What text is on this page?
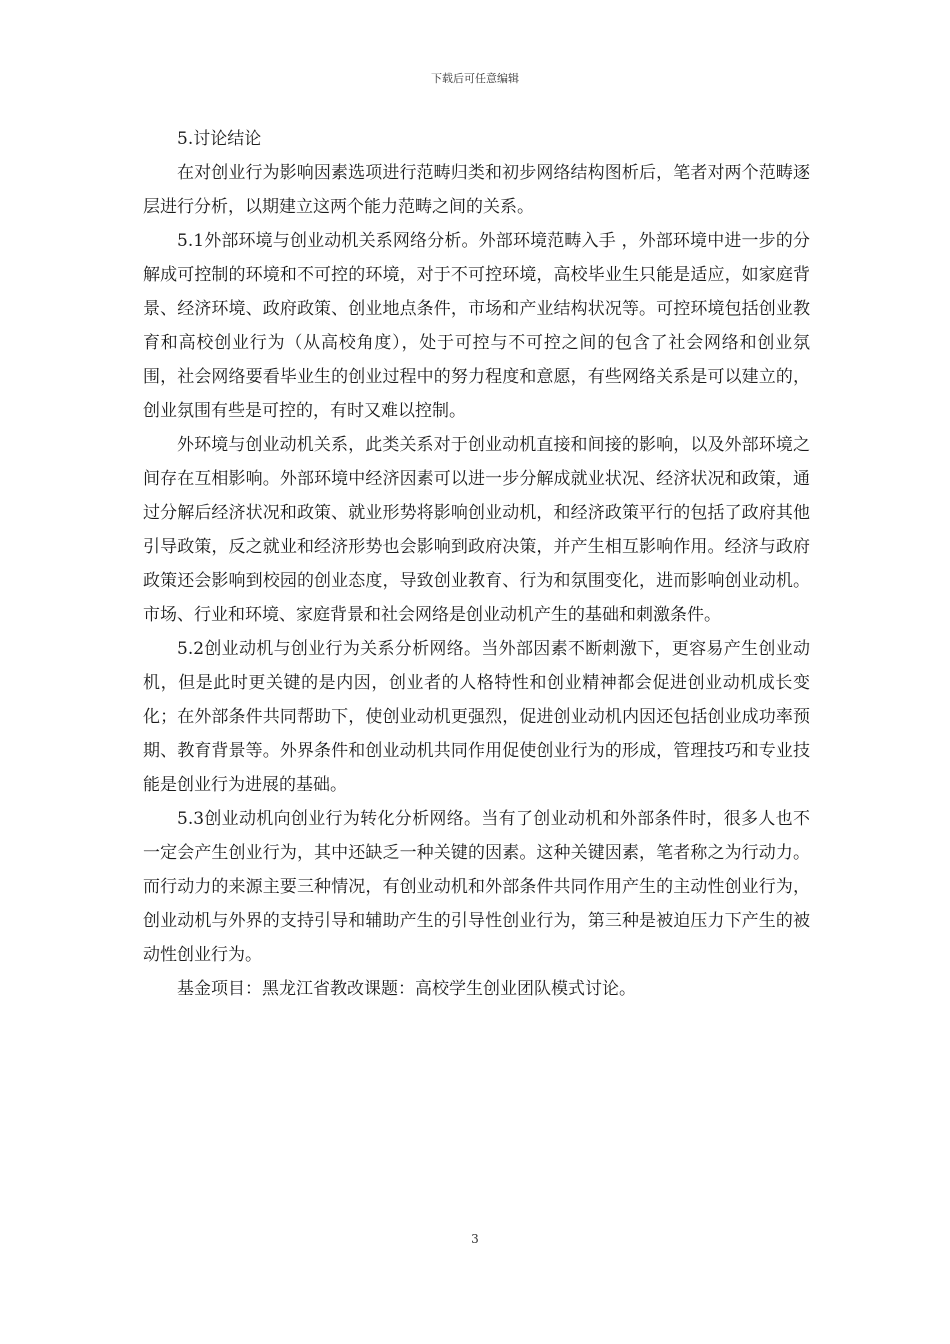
下载后可任意编辑

5.讨论结论

在对创业行为影响因素选项进行范畴归类和初步网络结构图析后，笔者对两个范畴逐层进行分析，以期建立这两个能力范畴之间的关系。

5.1外部环境与创业动机关系网络分析。外部环境范畴入手 ，外部环境中进一步的分解成可控制的环境和不可控的环境，对于不可控环境，高校毕业生只能是适应，如家庭背景、经济环境、政府政策、创业地点条件，市场和产业结构状况等。可控环境包括创业教育和高校创业行为（从高校角度），处于可控与不可控之间的包含了社会网络和创业氛围，社会网络要看毕业生的创业过程中的努力程度和意愿，有些网络关系是可以建立的，创业氛围有些是可控的，有时又难以控制。

外环境与创业动机关系，此类关系对于创业动机直接和间接的影响，以及外部环境之间存在互相影响。外部环境中经济因素可以进一步分解成就业状况、经济状况和政策，通过分解后经济状况和政策、就业形势将影响创业动机，和经济政策平行的包括了政府其他引导政策，反之就业和经济形势也会影响到政府决策，并产生相互影响作用。经济与政府政策还会影响到校园的创业态度，导致创业教育、行为和氛围变化，进而影响创业动机。市场、行业和环境、家庭背景和社会网络是创业动机产生的基础和刺激条件。

5.2创业动机与创业行为关系分析网络。当外部因素不断刺激下，更容易产生创业动机，但是此时更关键的是内因，创业者的人格特性和创业精神都会促进创业动机成长变化；在外部条件共同帮助下，使创业动机更强烈，促进创业动机内因还包括创业成功率预期、教育背景等。外界条件和创业动机共同作用促使创业行为的形成，管理技巧和专业技能是创业行为进展的基础。

5.3创业动机向创业行为转化分析网络。当有了创业动机和外部条件时，很多人也不一定会产生创业行为，其中还缺乏一种关键的因素。这种关键因素，笔者称之为行动力。而行动力的来源主要三种情况，有创业动机和外部条件共同作用产生的主动性创业行为，创业动机与外界的支持引导和辅助产生的引导性创业行为，第三种是被迫压力下产生的被动性创业行为。

基金项目：黑龙江省教改课题：高校学生创业团队模式讨论。

3
